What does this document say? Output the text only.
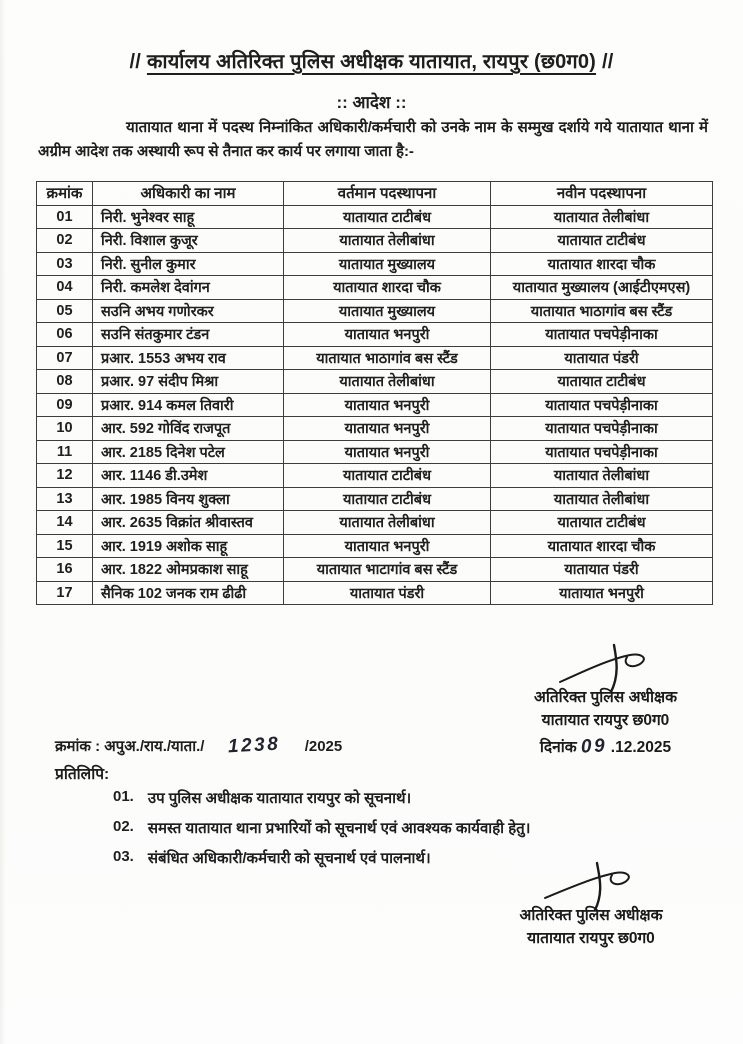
// कार्यालय अतिरिक्त पुलिस अधीक्षक यातायात, रायपुर (छ0ग0) //
:: आदेश ::

यातायात थाना में पदस्थ निम्नांकित अधिकारी/कर्मचारी को उनके नाम के सम्मुख दर्शाये गये यातायात थाना में अग्रीम आदेश तक अस्थायी रूप से तैनात कर कार्य पर लगाया जाता है:-

क्रमांक	अधिकारी का नाम	वर्तमान पदस्थापना	नवीन पदस्थापना
01	निरी. भुनेश्वर साहू	यातायात टाटीबंध	यातायात तेलीबांधा
02	निरी. विशाल कुजूर	यातायात तेलीबांधा	यातायात टाटीबंध
03	निरी. सुनील कुमार	यातायात मुख्यालय	यातायात शारदा चौक
04	निरी. कमलेश देवांगन	यातायात शारदा चौक	यातायात मुख्यालय (आईटीएमएस)
05	सउनि अभय गणोरकर	यातायात मुख्यालय	यातायात भाठागांव बस स्टैंड
06	सउनि संतकुमार टंडन	यातायात भनपुरी	यातायात पचपेड़ीनाका
07	प्रआर. 1553 अभय राव	यातायात भाठागांव बस स्टैंड	यातायात पंडरी
08	प्रआर. 97 संदीप मिश्रा	यातायात तेलीबांधा	यातायात टाटीबंध
09	प्रआर. 914 कमल तिवारी	यातायात भनपुरी	यातायात पचपेड़ीनाका
10	आर. 592 गोविंद राजपूत	यातायात भनपुरी	यातायात पचपेड़ीनाका
11	आर. 2185 दिनेश पटेल	यातायात भनपुरी	यातायात पचपेड़ीनाका
12	आर. 1146 डी.उमेश	यातायात टाटीबंध	यातायात तेलीबांधा
13	आर. 1985 विनय शुक्ला	यातायात टाटीबंध	यातायात तेलीबांधा
14	आर. 2635 विक्रांत श्रीवास्तव	यातायात तेलीबांधा	यातायात टाटीबंध
15	आर. 1919 अशोक साहू	यातायात भनपुरी	यातायात शारदा चौक
16	आर. 1822 ओमप्रकाश साहू	यातायात भाटागांव बस स्टैंड	यातायात पंडरी
17	सैनिक 102 जनक राम ढीढी	यातायात पंडरी	यातायात भनपुरी
अतिरिक्त पुलिस अधीक्षक
यातायात रायपुर छ0ग0
दिनांक 09 .12.2025
क्रमांक : अपुअ./राय./याता./ 1238 /2025
प्रतिलिपि:
01. उप पुलिस अधीक्षक यातायात रायपुर को सूचनार्थ।
02. समस्त यातायात थाना प्रभारियों को सूचनार्थ एवं आवश्यक कार्यवाही हेतु।
03. संबंधित अधिकारी/कर्मचारी को सूचनार्थ एवं पालनार्थ।
अतिरिक्त पुलिस अधीक्षक
यातायात रायपुर छ0ग0
